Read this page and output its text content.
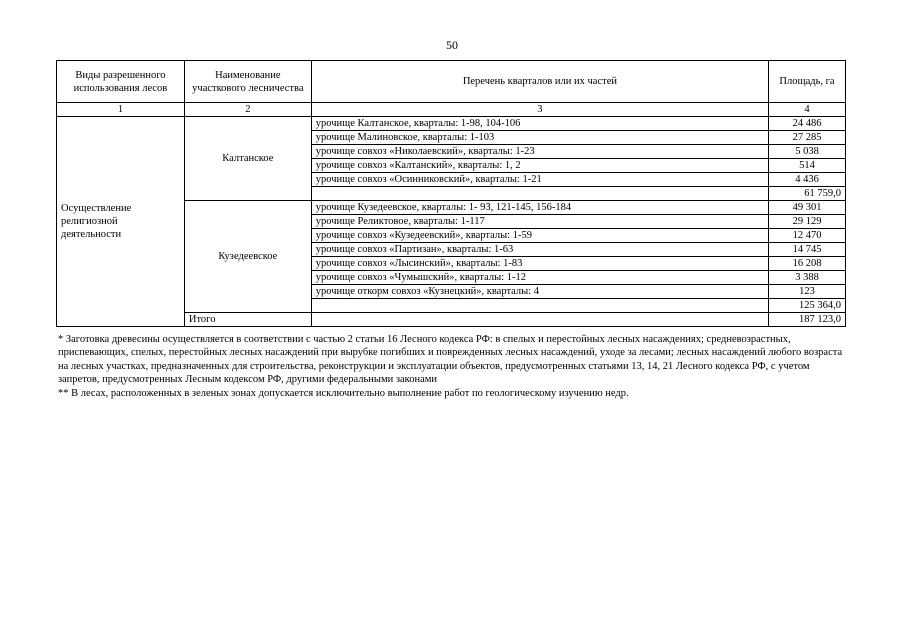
50
Виды разрешенного использования лесов	Наименование участкового лесничества	Перечень кварталов или их частей	Площадь, га
1	2	3	4
Осуществление религиозной деятельности	Калтанское	урочище Калтанское, кварталы: 1-98, 104-106	24 486
		урочище Малиновское, кварталы: 1-103	27 285
		урочище совхоз «Николаевский», кварталы: 1-23	5 038
		урочище совхоз «Калтанский», кварталы: 1, 2	514
		урочище совхоз «Осинниковский», кварталы: 1-21	4 436
			61 759,0
	Кузедеевское	урочище Кузедеевское, кварталы: 1- 93, 121-145, 156-184	49 301
		урочище Реликтовое, кварталы: 1-117	29 129
		урочище совхоз «Кузедеевский», кварталы: 1-59	12 470
		урочище совхоз «Партизан», кварталы: 1-63	14 745
		урочище совхоз «Лысинский», кварталы: 1-83	16 208
		урочище совхоз «Чумышский», кварталы: 1-12	3 388
		урочище откорм совхоз «Кузнецкий», кварталы: 4	123
			125 364,0
	Итого		187 123,0

* Заготовка древесины осуществляется в соответствии с частью 2 статьи 16 Лесного кодекса РФ: в спелых и перестойных лесных насаждениях; средневозрастных, приспевающих, спелых, перестойных лесных насаждений при вырубке погибших и поврежденных лесных насаждений, уходе за лесами; лесных насаждений любого возраста на лесных участках, предназначенных для строительства, реконструкции и эксплуатации объектов, предусмотренных статьями 13, 14, 21 Лесного кодекса РФ, с учетом запретов, предусмотренных Лесным кодексом РФ, другими федеральными законами

** В лесах, расположенных в зеленых зонах допускается исключительно выполнение работ по геологическому изучению недр.
